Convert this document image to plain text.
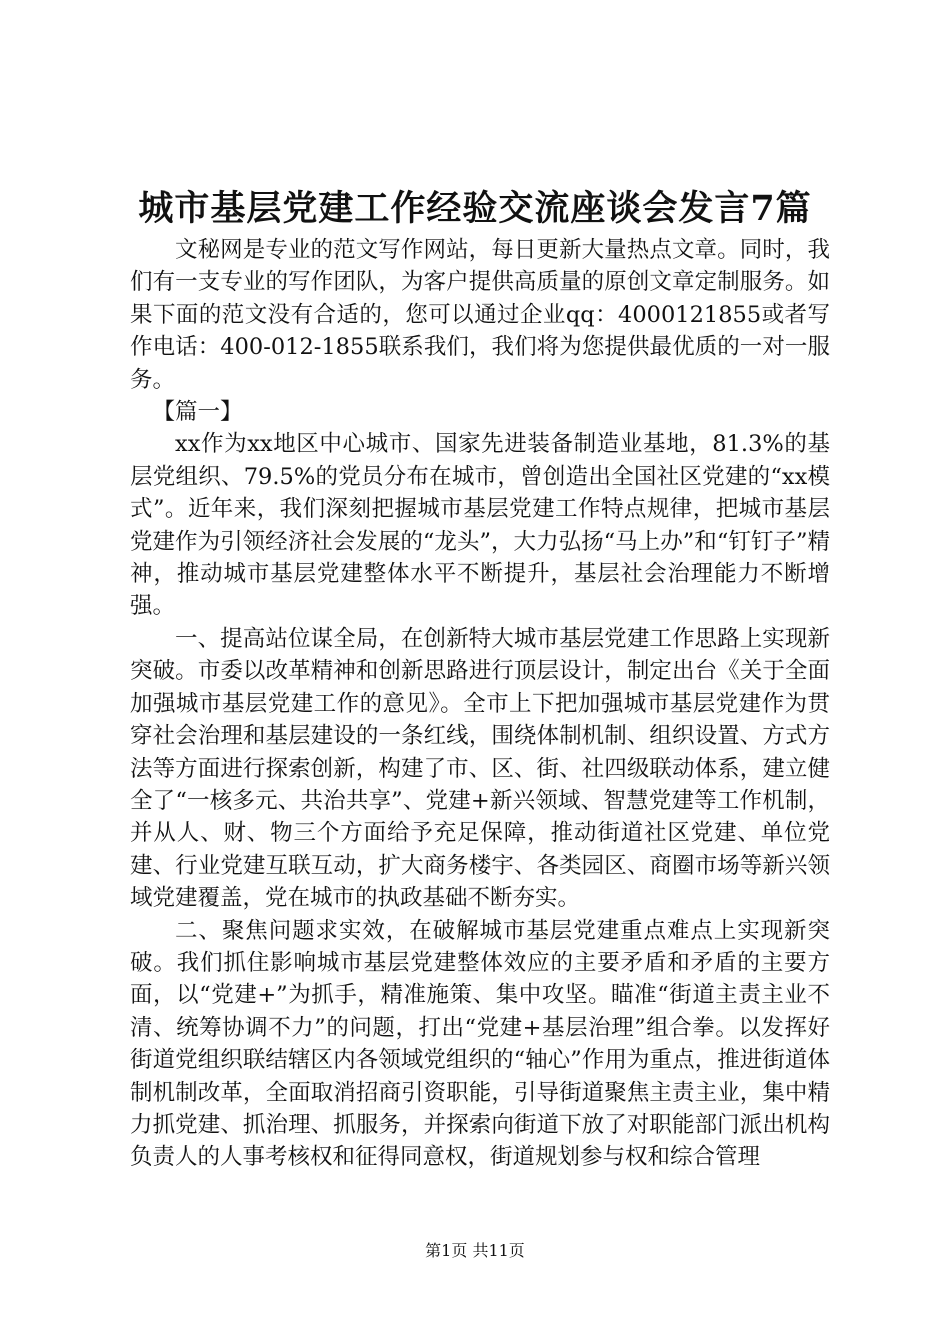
城市基层党建工作经验交流座谈会发言7篇

文秘网是专业的范文写作网站，每日更新大量热点文章。同时，我们有一支专业的写作团队，为客户提供高质量的原创文章定制服务。如果下面的范文没有合适的，您可以通过企业qq：4000121855或者写作电话：400-012-1855联系我们，我们将为您提供最优质的一对一服务。

【篇一】

xx作为xx地区中心城市、国家先进装备制造业基地，81.3%的基层党组织、79.5%的党员分布在城市，曾创造出全国社区党建的“xx模式”。近年来，我们深刻把握城市基层党建工作特点规律，把城市基层党建作为引领经济社会发展的“龙头”，大力弘扬“马上办”和“钉钉子”精神，推动城市基层党建整体水平不断提升，基层社会治理能力不断增强。

一、提高站位谋全局，在创新特大城市基层党建工作思路上实现新突破。市委以改革精神和创新思路进行顶层设计，制定出台《关于全面加强城市基层党建工作的意见》。全市上下把加强城市基层党建作为贯穿社会治理和基层建设的一条红线，围绕体制机制、组织设置、方式方法等方面进行探索创新，构建了市、区、街、社四级联动体系，建立健全了“一核多元、共治共享”、党建+新兴领域、智慧党建等工作机制，并从人、财、物三个方面给予充足保障，推动街道社区党建、单位党建、行业党建互联互动，扩大商务楼宇、各类园区、商圈市场等新兴领域党建覆盖，党在城市的执政基础不断夯实。

二、聚焦问题求实效，在破解城市基层党建重点难点上实现新突破。我们抓住影响城市基层党建整体效应的主要矛盾和矛盾的主要方面，以“党建+”为抓手，精准施策、集中攻坚。瞄准“街道主责主业不清、统筹协调不力”的问题，打出“党建+基层治理”组合拳。以发挥好街道党组织联结辖区内各领域党组织的“轴心”作用为重点，推进街道体制机制改革，全面取消招商引资职能，引导街道聚焦主责主业，集中精力抓党建、抓治理、抓服务，并探索向街道下放了对职能部门派出机构负责人的人事考核权和征得同意权，街道规划参与权和综合管理

第1页 共11页
